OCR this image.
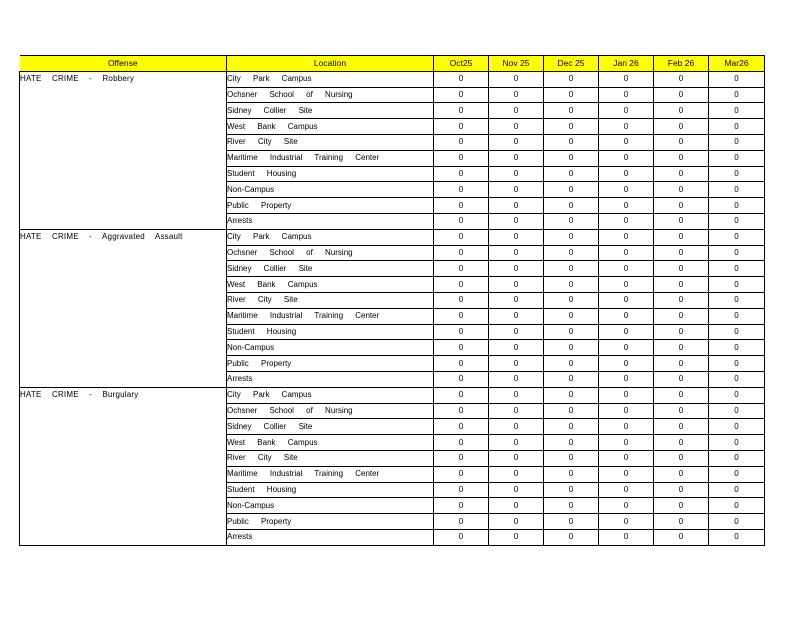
Offense	Location	Oct25	Nov 25	Dec 25	Jan 26	Feb 26	Mar26
HATE CRIME - Robbery	City Park Campus	0	0	0	0	0	0
	Ochsner School of Nursing	0	0	0	0	0	0
	Sidney Collier Site	0	0	0	0	0	0
	West Bank Campus	0	0	0	0	0	0
	River City Site	0	0	0	0	0	0
	Maritime Industrial Training Center	0	0	0	0	0	0
	Student Housing	0	0	0	0	0	0
	Non-Campus	0	0	0	0	0	0
	Public Property	0	0	0	0	0	0
	Arrests	0	0	0	0	0	0
HATE CRIME - Aggravated Assault	City Park Campus	0	0	0	0	0	0
	Ochsner School of Nursing	0	0	0	0	0	0
	Sidney Collier Site	0	0	0	0	0	0
	West Bank Campus	0	0	0	0	0	0
	River City Site	0	0	0	0	0	0
	Maritime Industrial Training Center	0	0	0	0	0	0
	Student Housing	0	0	0	0	0	0
	Non-Campus	0	0	0	0	0	0
	Public Property	0	0	0	0	0	0
	Arrests	0	0	0	0	0	0
HATE CRIME - Burgulary	City Park Campus	0	0	0	0	0	0
	Ochsner School of Nursing	0	0	0	0	0	0
	Sidney Collier Site	0	0	0	0	0	0
	West Bank Campus	0	0	0	0	0	0
	River City Site	0	0	0	0	0	0
	Maritime Industrial Training Center	0	0	0	0	0	0
	Student Housing	0	0	0	0	0	0
	Non-Campus	0	0	0	0	0	0
	Public Property	0	0	0	0	0	0
	Arrests	0	0	0	0	0	0
